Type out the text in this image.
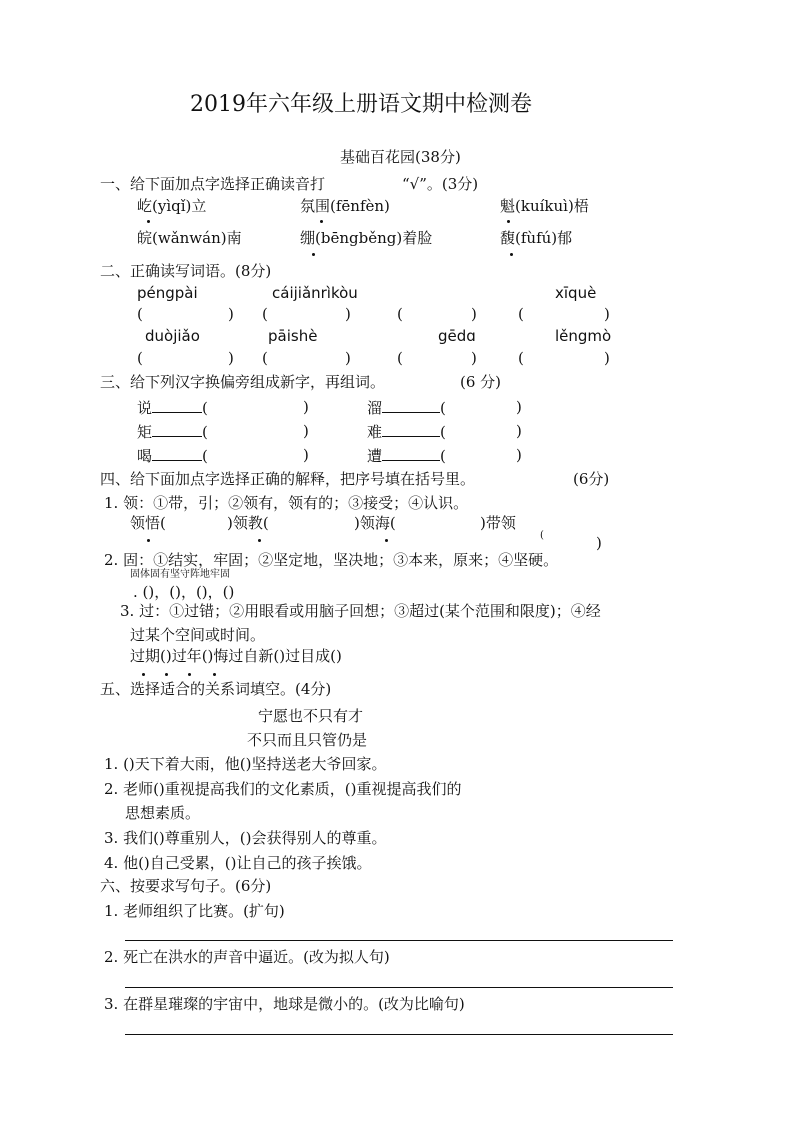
2019年六年级上册语文期中检测卷
基础百花园(38分)
一、给下面加点字选择正确读音打	“√”。(3分)
屹(yìqǐ)立	氛围(fēnfèn)	魁(kuíkuì)梧
皖(wǎnwán)南	绷(bēngběng)着脸	馥(fùfú)郁
二、正确读写词语。(8分)
péngpài	cáijiǎnrìkòu	xīquè
(	) (	)	(	)	(	)
duòjiǎo	pāishè	gēdɑ	lěngmò
(	) (	)	(	)	(	)
三、给下列汉字换偏旁组成新字，再组词。	(6 分)
说	(	)	溜	(	)
矩	(	)	难	(	)
喝	(	)	遭	(	)
四、给下面加点字选择正确的解释，把序号填在括号里。	(6分)
1. 领：①带，引；②领有，领有的；③接受；④认识。
领悟(	)领教(	)领海(	)带领
(	)
2. 固：①结实，牢固；②坚定地，坚决地；③本来，原来；④坚硬。
固体固有坚守阵地牢固
. ()，()，()，()
3. 过：①过错；②用眼看或用脑子回想；③超过(某个范围和限度)；④经
过某个空间或时间。
过期()过年()悔过自新()过目成()
五、选择适合的关系词填空。(4分)
宁愿也不只有才
不只而且只管仍是
1. ()天下着大雨，他()坚持送老大爷回家。
2. 老师()重视提高我们的文化素质，()重视提高我们的
思想素质。
3. 我们()尊重别人，()会获得别人的尊重。
4. 他()自己受累，()让自己的孩子挨饿。
六、按要求写句子。(6分)
1. 老师组织了比赛。(扩句)
2. 死亡在洪水的声音中逼近。(改为拟人句)
3. 在群星璀璨的宇宙中，地球是微小的。(改为比喻句)
